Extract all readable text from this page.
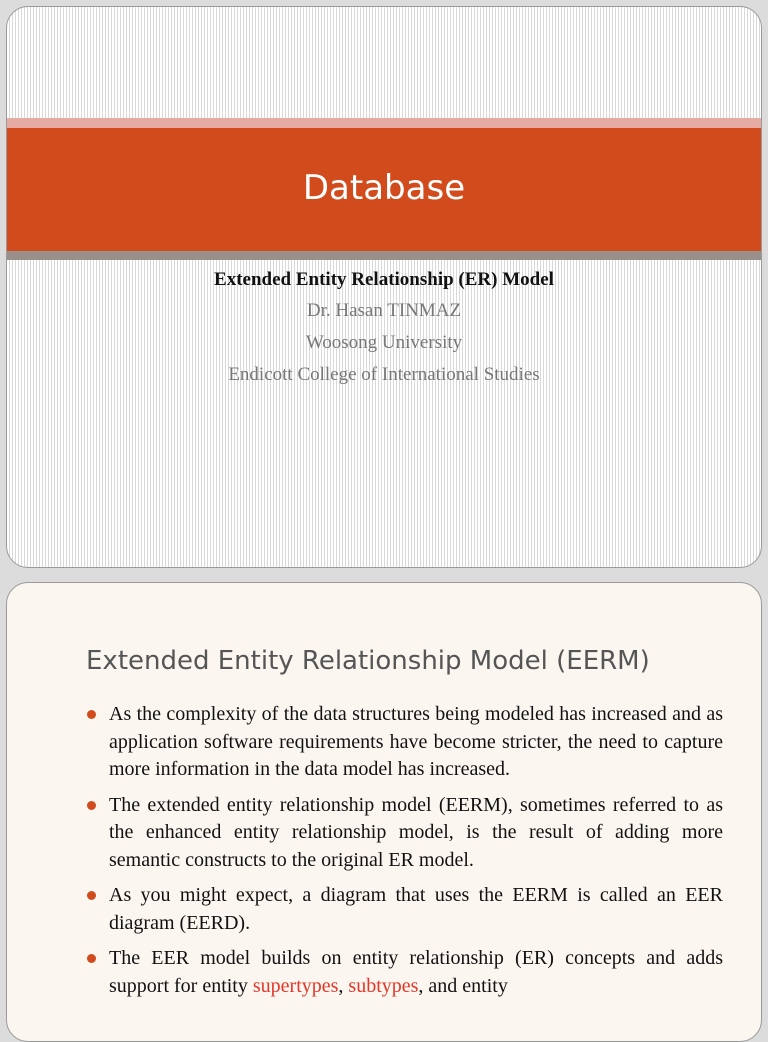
Database
Extended Entity Relationship (ER) Model
Dr. Hasan TINMAZ
Woosong University
Endicott College of International Studies
Extended Entity Relationship Model (EERM)
As the complexity of the data structures being modeled has increased and as application software requirements have become stricter, the need to capture more information in the data model has increased.
The extended entity relationship model (EERM), sometimes referred to as the enhanced entity relationship model, is the result of adding more semantic constructs to the original ER model.
As you might expect, a diagram that uses the EERM is called an EER diagram (EERD).
The EER model builds on entity relationship (ER) concepts and adds support for entity supertypes, subtypes, and entity
